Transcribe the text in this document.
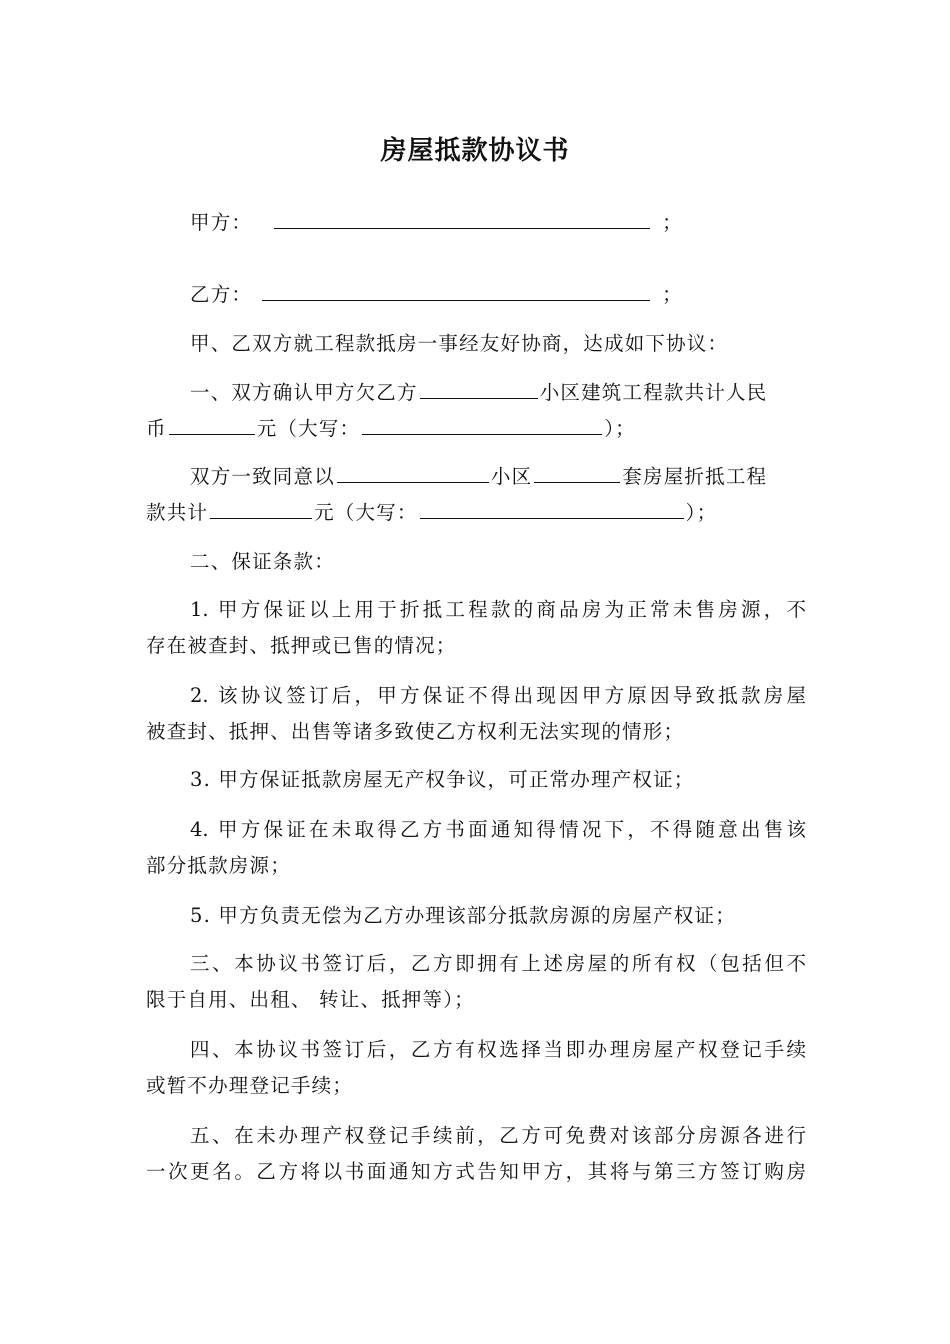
房屋抵款协议书
甲方：	；
乙方：	；
甲、乙双方就工程款抵房一事经友好协商，达成如下协议：
一、双方确认甲方欠乙方	小区建筑工程款共计人民
币	元（大写：	）；
双方一致同意以	小区	套房屋折抵工程
款共计	元（大写：	）；
二、保证条款：
1. 甲方保证以上用于折抵工程款的商品房为正常未售房源，不
存在被查封、抵押或已售的情况；
2. 该协议签订后，甲方保证不得出现因甲方原因导致抵款房屋
被查封、抵押、出售等诸多致使乙方权利无法实现的情形；
3. 甲方保证抵款房屋无产权争议，可正常办理产权证；
4. 甲方保证在未取得乙方书面通知得情况下，不得随意出售该
部分抵款房源；
5. 甲方负责无偿为乙方办理该部分抵款房源的房屋产权证；
三、本协议书签订后，乙方即拥有上述房屋的所有权（包括但不
限于自用、出租、 转让、抵押等）；
四、本协议书签订后，乙方有权选择当即办理房屋产权登记手续
或暂不办理登记手续；
五、在未办理产权登记手续前，乙方可免费对该部分房源各进行
一次更名。乙方将以书面通知方式告知甲方，其将与第三方签订购房
